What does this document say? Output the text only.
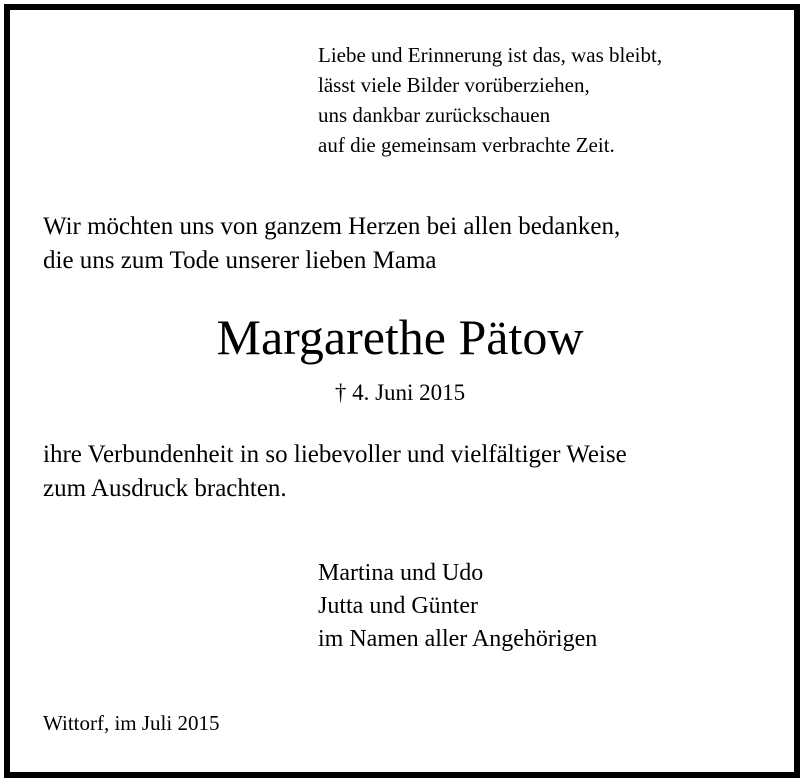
Liebe und Erinnerung ist das, was bleibt,
lässt viele Bilder vorüberziehen,
uns dankbar zurückschauen
auf die gemeinsam verbrachte Zeit.
Wir möchten uns von ganzem Herzen bei allen bedanken,
die uns zum Tode unserer lieben Mama
Margarethe Pätow
† 4. Juni 2015
ihre Verbundenheit in so liebevoller und vielfältiger Weise
zum Ausdruck brachten.
Martina und Udo
Jutta und Günter
im Namen aller Angehörigen
Wittorf, im Juli 2015
